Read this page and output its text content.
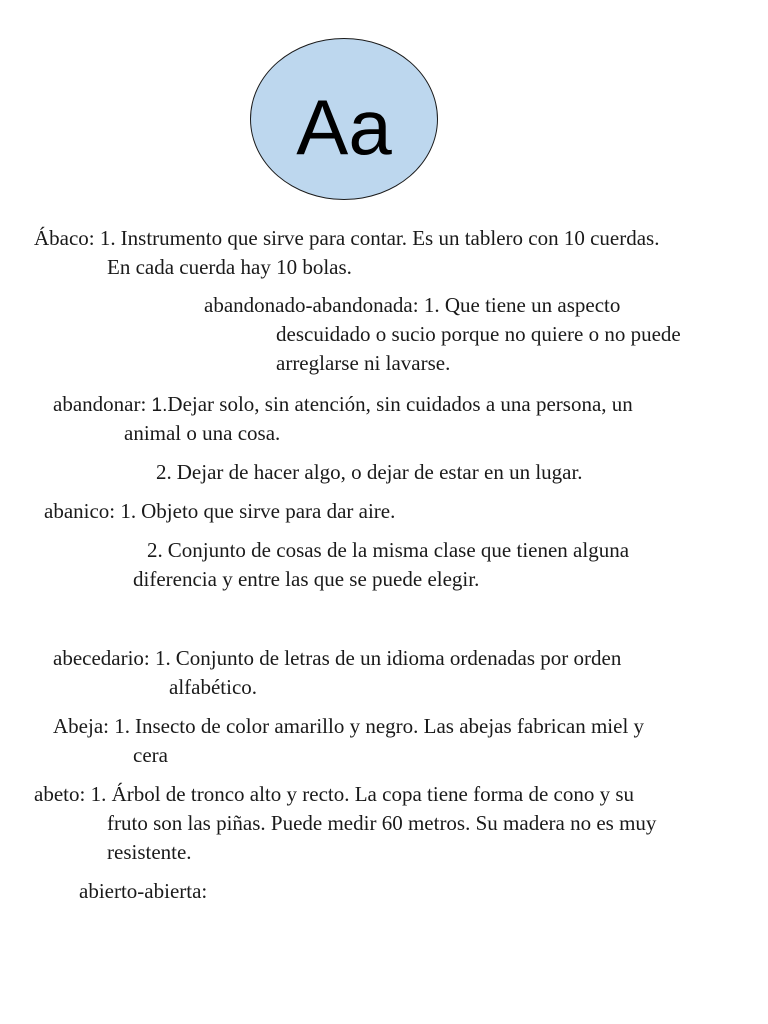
Aa
Ábaco: 1. Instrumento que sirve para contar. Es un tablero con 10 cuerdas.
En cada cuerda hay 10 bolas.
abandonado-abandonada: 1. Que tiene un aspecto
descuidado o sucio porque no quiere o no puede
arreglarse ni lavarse.
abandonar: 1.Dejar solo, sin atención, sin cuidados a una persona, un
animal o una cosa.
2. Dejar de hacer algo, o dejar de estar en un lugar.
abanico: 1. Objeto que sirve para dar aire.
2. Conjunto de cosas de la misma clase que tienen alguna
diferencia y entre las que se puede elegir.
abecedario: 1. Conjunto de letras de un idioma ordenadas por orden
alfabético.
Abeja: 1. Insecto de color amarillo y negro. Las abejas fabrican miel y
cera
abeto: 1. Árbol de tronco alto y recto. La copa tiene forma de cono y su
fruto son las piñas. Puede medir 60 metros. Su madera no es muy
resistente.
abierto-abierta:
